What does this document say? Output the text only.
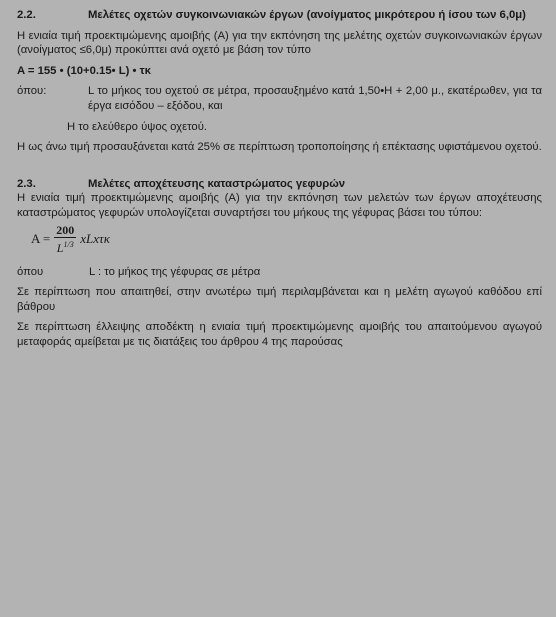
2.2.	Μελέτες οχετών συγκοινωνιακών έργων (ανοίγματος μικρότερου ή ίσου των 6,0μ)

Η ενιαία τιμή προεκτιμώμενης αμοιβής (Α) για την εκπόνηση της μελέτης οχετών συγκοινωνιακών έργων (ανοίγματος ≤6,0μ) προκύπτει ανά οχετό με βάση τον τύπο

A = 155 • (10+0.15• L) • τκ

όπου:	L το μήκος του οχετού σε μέτρα, προσαυξημένο κατά 1,50•Η + 2,00 μ., εκατέρωθεν, για τα έργα εισόδου – εξόδου, και

Η το ελεύθερο ύψος οχετού.

Η ως άνω τιμή προσαυξάνεται κατά 25% σε περίπτωση τροποποίησης ή επέκτασης υφιστάμενου οχετού.

2.3.	Μελέτες αποχέτευσης καταστρώματος γεφυρών

Η ενιαία τιμή προεκτιμώμενης αμοιβής (Α) για την εκπόνηση των μελετών των έργων αποχέτευσης καταστρώματος γεφυρών υπολογίζεται συναρτήσει του μήκους της γέφυρας βάσει του τύπου:

$A = \frac{200}{L^{1/3}}$ xLxτκ
όπου	L : το μήκος της γέφυρας σε μέτρα

Σε περίπτωση που απαιτηθεί, στην ανωτέρω τιμή περιλαμβάνεται και η μελέτη αγωγού καθόδου επί βάθρου

Σε περίπτωση έλλειψης αποδέκτη η ενιαία τιμή προεκτιμώμενης αμοιβής του απαιτούμενου αγωγού μεταφοράς αμείβεται με τις διατάξεις του άρθρου 4 της παρούσας
